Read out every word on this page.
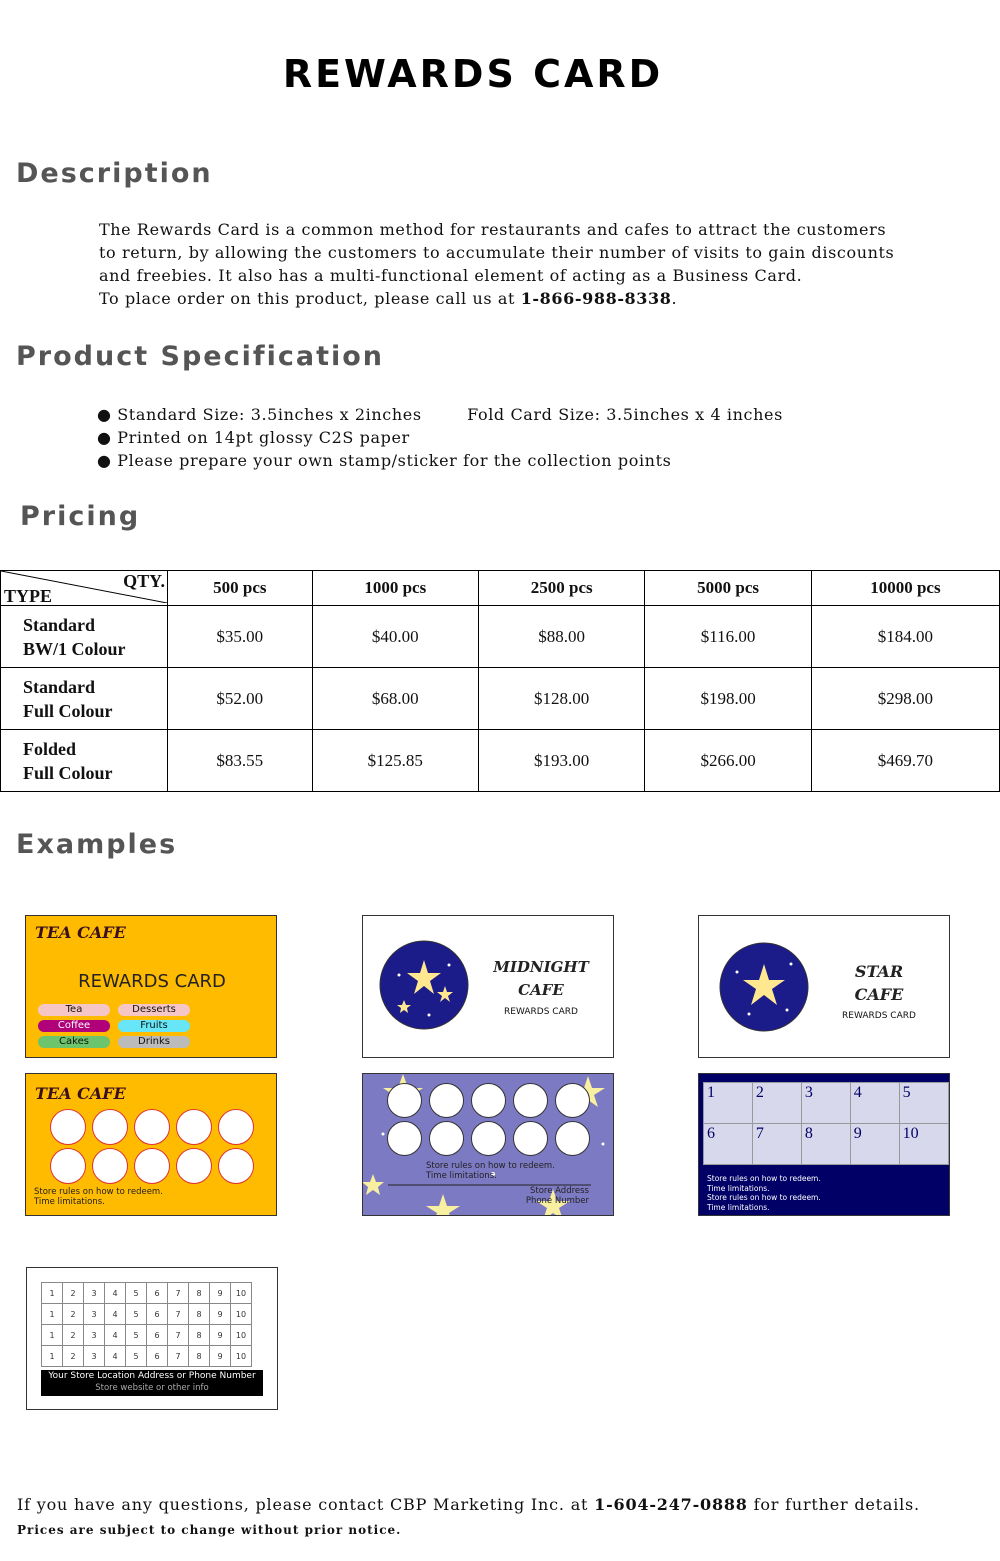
REWARDS CARD
Description

The Rewards Card is a common method for restaurants and cafes to attract the customers

to return, by allowing the customers to accumulate their number of visits to gain discounts

and freebies. It also has a multi-functional element of acting as a Business Card.

To place order on this product, please call us at 1-866-988-8338.

Product Specification
● Standard Size: 3.5inches x 2inches        Fold Card Size: 3.5inches x 4 inches
● Printed on 14pt glossy C2S paper
● Please prepare your own stamp/sticker for the collection points
Pricing
QTY.
TYPE	500 pcs	1000 pcs	2500 pcs	5000 pcs	10000 pcs
Standard
BW/1 Colour	$35.00	$40.00	$88.00	$116.00	$184.00
Standard
Full Colour	$52.00	$68.00	$128.00	$198.00	$298.00
Folded
Full Colour	$83.55	$125.85	$193.00	$266.00	$469.70
Examples
TEA CAFE
REWARDS CARD
Tea	Desserts
Coffee	Fruits
Cakes	Drinks
MIDNIGHT
CAFE
REWARDS CARD
STAR
CAFE
REWARDS CARD
TEA CAFE
Store rules on how to redeem.
Time limitations.
Store rules on how to redeem.
Time limitations.
Store Address
Phone Number
1	2	3	4	5
6	7	8	9	10
Store rules on how to redeem.
Time limitations.
Store rules on how to redeem.
Time limitations.
1	2	3	4	5	6	7	8	9	10
1	2	3	4	5	6	7	8	9	10
1	2	3	4	5	6	7	8	9	10
1	2	3	4	5	6	7	8	9	10
Your Store Location Address or Phone Number
Store website or other info
If you have any questions, please contact CBP Marketing Inc. at 1-604-247-0888 for further details.
Prices are subject to change without prior notice.
